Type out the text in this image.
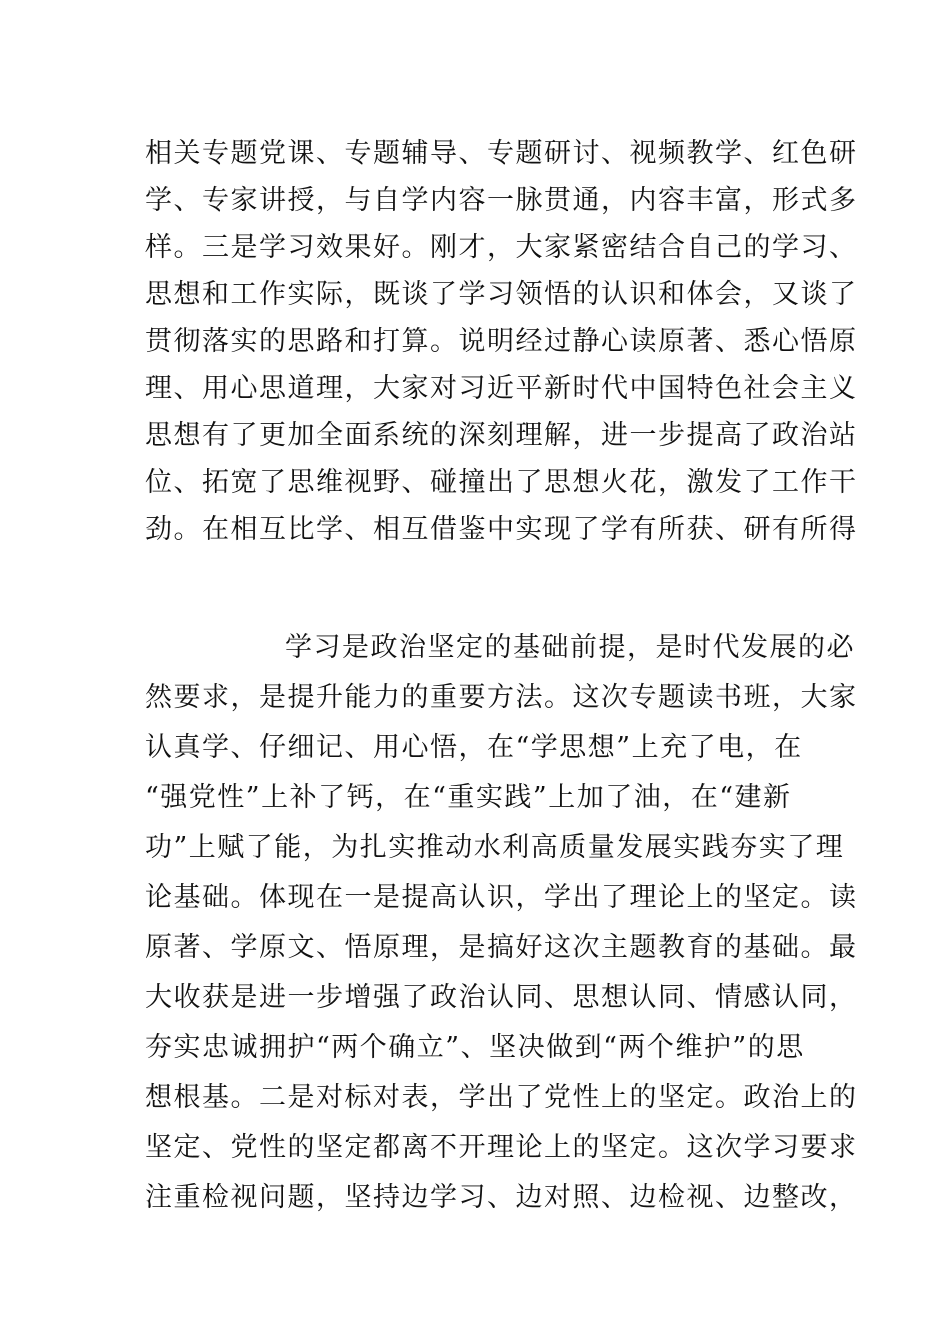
相关专题党课、专题辅导、专题研讨、视频教学、红色研
学、专家讲授，与自学内容一脉贯通，内容丰富，形式多
样。三是学习效果好。刚才，大家紧密结合自己的学习、
思想和工作实际，既谈了学习领悟的认识和体会，又谈了
贯彻落实的思路和打算。说明经过静心读原著、悉心悟原
理、用心思道理，大家对习近平新时代中国特色社会主义
思想有了更加全面系统的深刻理解，进一步提高了政治站
位、拓宽了思维视野、碰撞出了思想火花，激发了工作干
劲。在相互比学、相互借鉴中实现了学有所获、研有所得
学习是政治坚定的基础前提，是时代发展的必
然要求，是提升能力的重要方法。这次专题读书班，大家
认真学、仔细记、用心悟，在“学思想”上充了电，在
“强党性”上补了钙，在“重实践”上加了油，在“建新
功”上赋了能，为扎实推动水利高质量发展实践夯实了理
论基础。体现在一是提高认识，学出了理论上的坚定。读
原著、学原文、悟原理，是搞好这次主题教育的基础。最
大收获是进一步增强了政治认同、思想认同、情感认同，
夯实忠诚拥护“两个确立”、坚决做到“两个维护”的思
想根基。二是对标对表，学出了党性上的坚定。政治上的
坚定、党性的坚定都离不开理论上的坚定。这次学习要求
注重检视问题，坚持边学习、边对照、边检视、边整改，
